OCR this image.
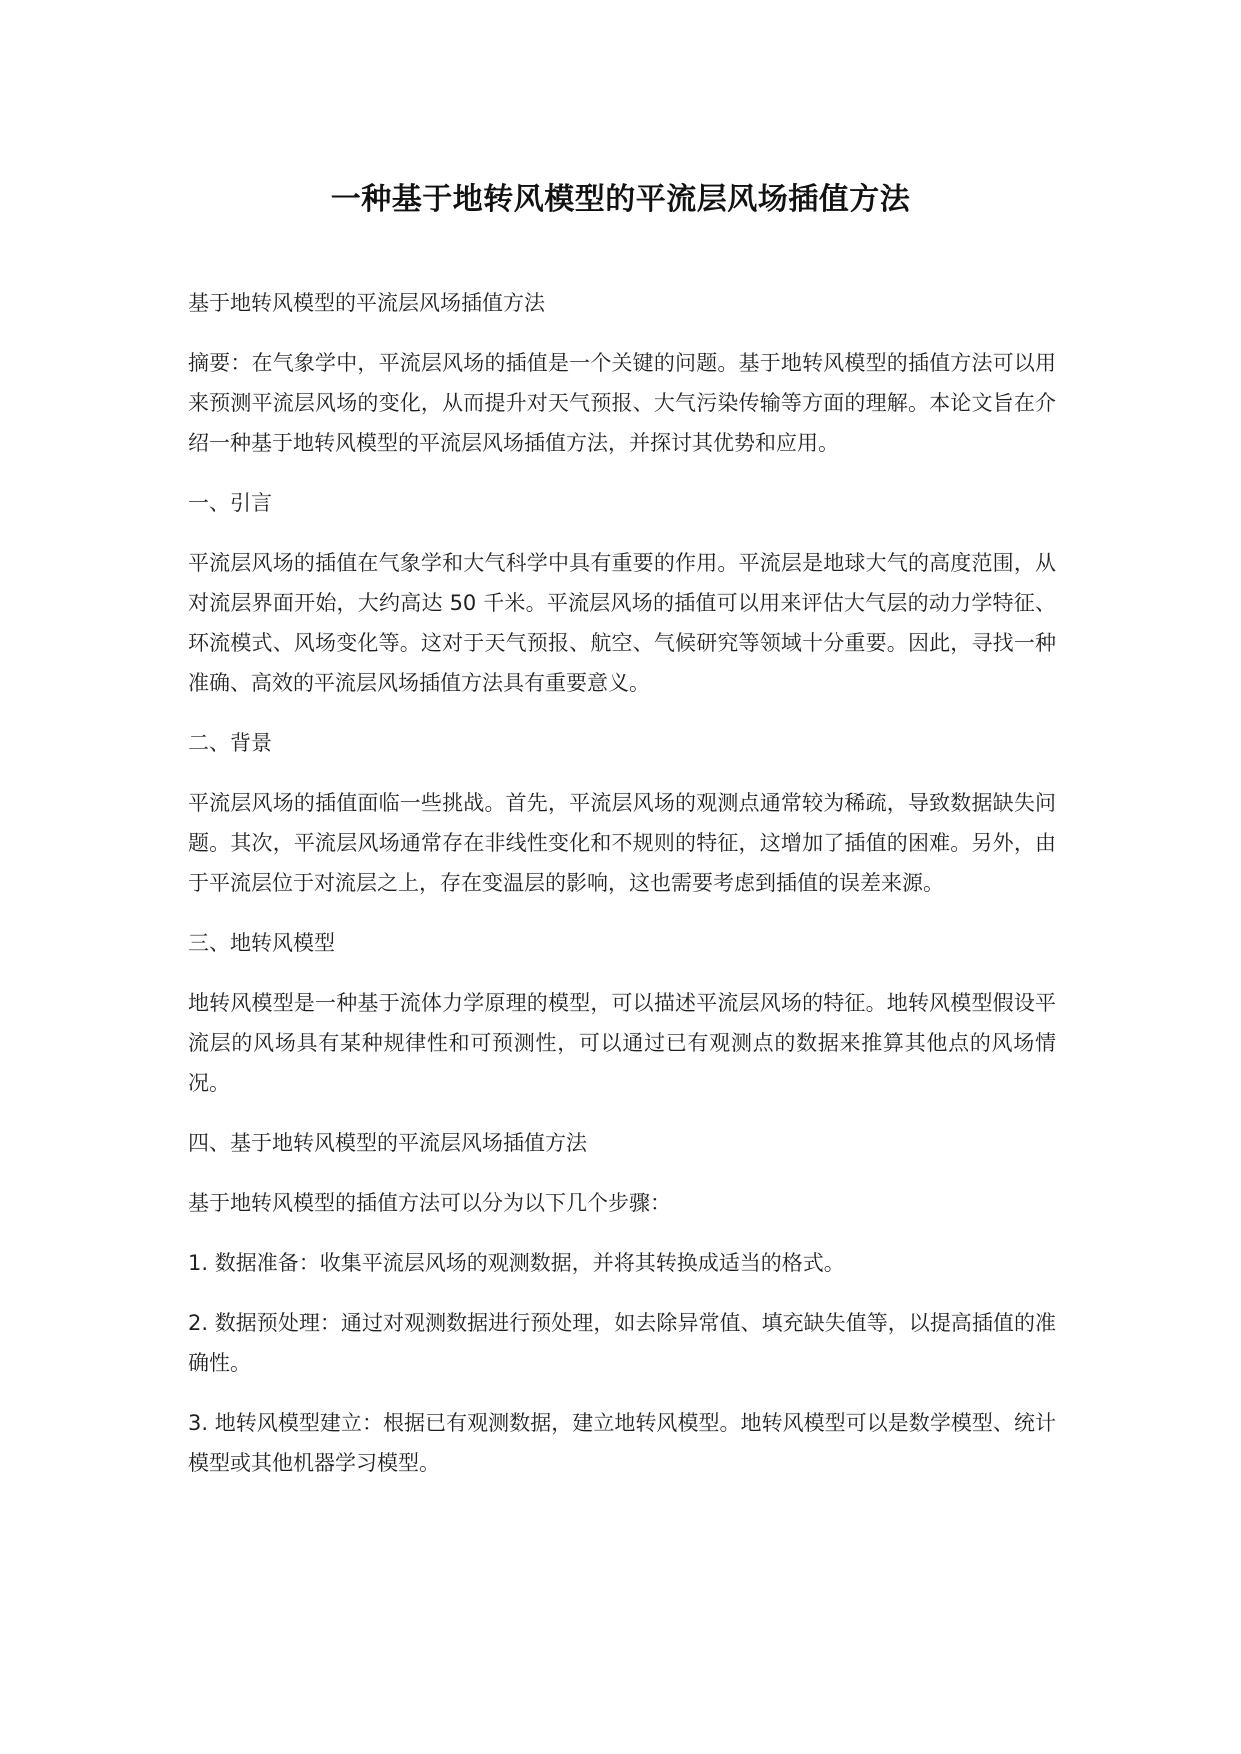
一种基于地转风模型的平流层风场插值方法

基于地转风模型的平流层风场插值方法

摘要：在气象学中，平流层风场的插值是一个关键的问题。基于地转风模型的插值方法可以用来预测平流层风场的变化，从而提升对天气预报、大气污染传输等方面的理解。本论文旨在介绍一种基于地转风模型的平流层风场插值方法，并探讨其优势和应用。

一、引言

平流层风场的插值在气象学和大气科学中具有重要的作用。平流层是地球大气的高度范围，从对流层界面开始，大约高达 50 千米。平流层风场的插值可以用来评估大气层的动力学特征、环流模式、风场变化等。这对于天气预报、航空、气候研究等领域十分重要。因此，寻找一种准确、高效的平流层风场插值方法具有重要意义。

二、背景

平流层风场的插值面临一些挑战。首先，平流层风场的观测点通常较为稀疏，导致数据缺失问题。其次，平流层风场通常存在非线性变化和不规则的特征，这增加了插值的困难。另外，由于平流层位于对流层之上，存在变温层的影响，这也需要考虑到插值的误差来源。

三、地转风模型

地转风模型是一种基于流体力学原理的模型，可以描述平流层风场的特征。地转风模型假设平流层的风场具有某种规律性和可预测性，可以通过已有观测点的数据来推算其他点的风场情况。

四、基于地转风模型的平流层风场插值方法

基于地转风模型的插值方法可以分为以下几个步骤：

1. 数据准备：收集平流层风场的观测数据，并将其转换成适当的格式。

2. 数据预处理：通过对观测数据进行预处理，如去除异常值、填充缺失值等，以提高插值的准确性。

3. 地转风模型建立：根据已有观测数据，建立地转风模型。地转风模型可以是数学模型、统计模型或其他机器学习模型。
